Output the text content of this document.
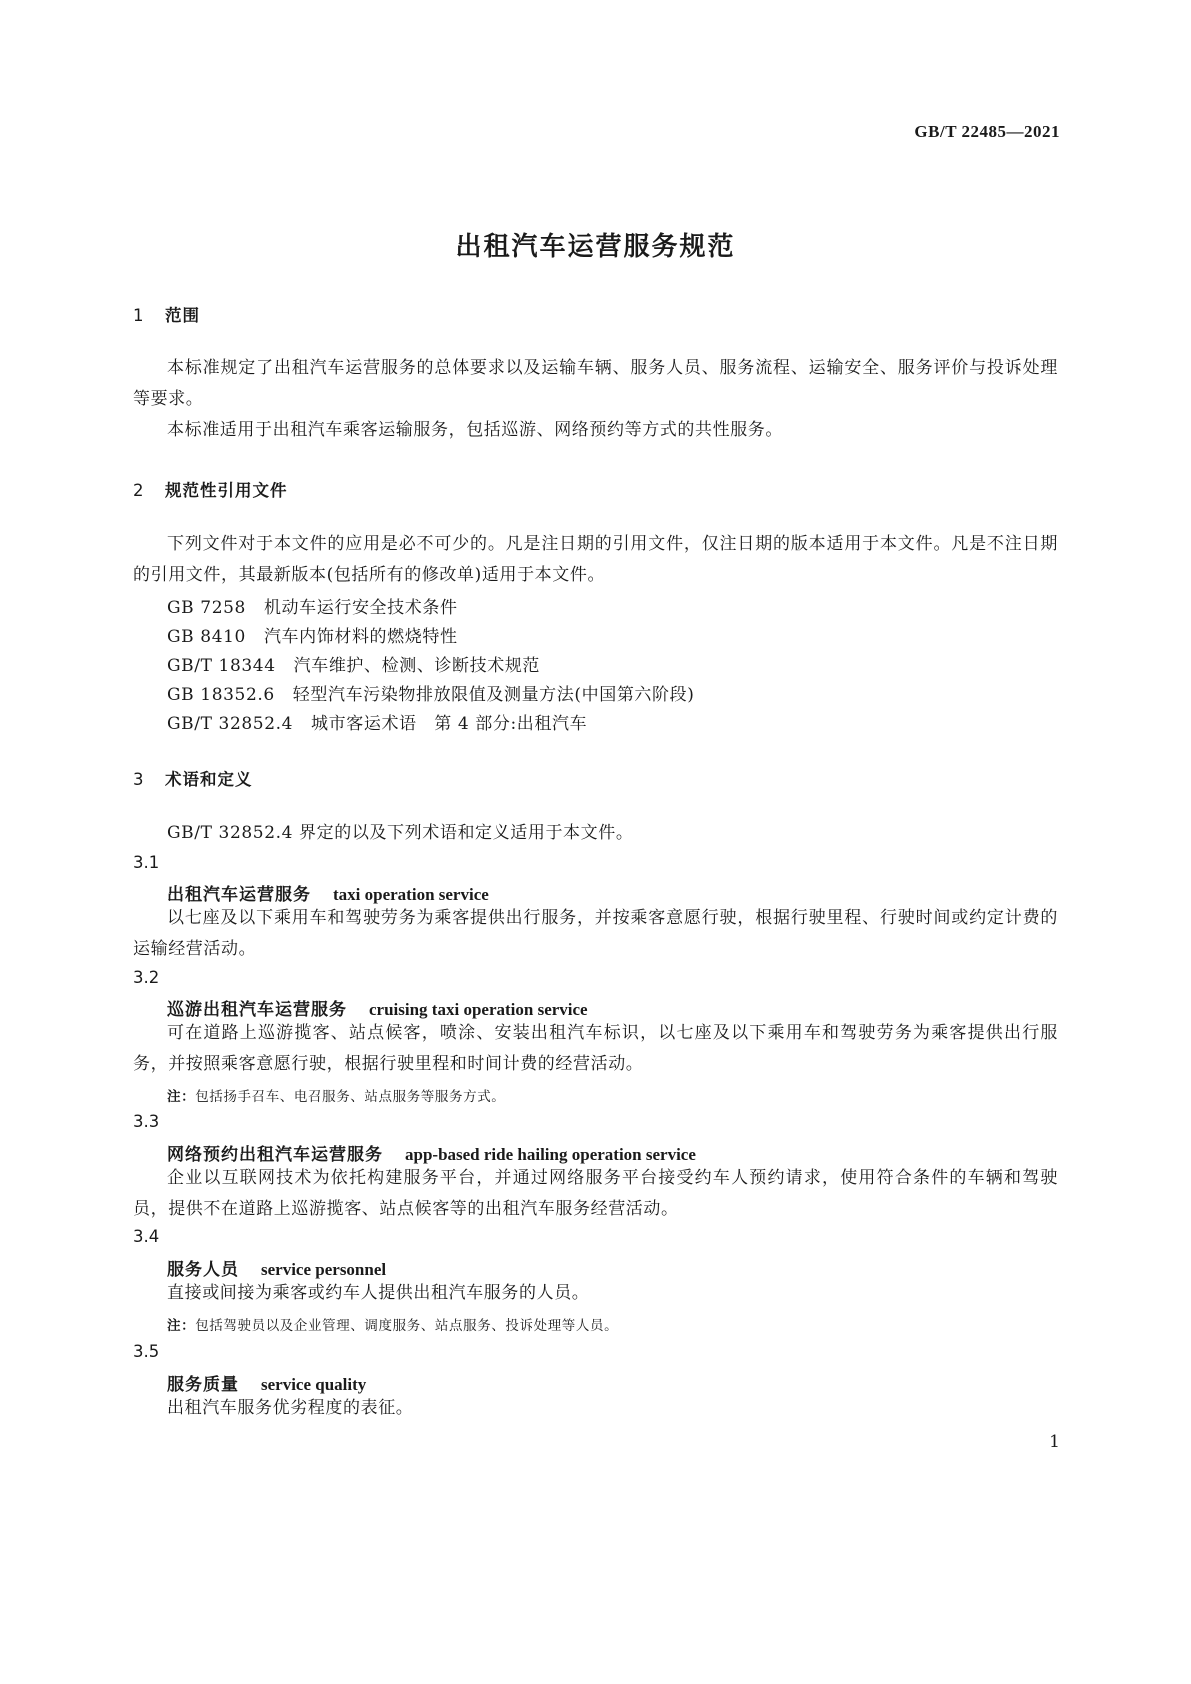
GB/T 22485—2021
出租汽车运营服务规范
1 范围
本标准规定了出租汽车运营服务的总体要求以及运输车辆、服务人员、服务流程、运输安全、服务评价与投诉处理等要求。
本标准适用于出租汽车乘客运输服务，包括巡游、网络预约等方式的共性服务。
2 规范性引用文件
下列文件对于本文件的应用是必不可少的。凡是注日期的引用文件，仅注日期的版本适用于本文件。凡是不注日期的引用文件，其最新版本(包括所有的修改单)适用于本文件。
GB 7258 机动车运行安全技术条件
GB 8410 汽车内饰材料的燃烧特性
GB/T 18344 汽车维护、检测、诊断技术规范
GB 18352.6 轻型汽车污染物排放限值及测量方法(中国第六阶段)
GB/T 32852.4 城市客运术语　第 4 部分:出租汽车
3 术语和定义
GB/T 32852.4 界定的以及下列术语和定义适用于本文件。
3.1
出租汽车运营服务 taxi operation service
以七座及以下乘用车和驾驶劳务为乘客提供出行服务，并按乘客意愿行驶，根据行驶里程、行驶时间或约定计费的运输经营活动。
3.2
巡游出租汽车运营服务 cruising taxi operation service
可在道路上巡游揽客、站点候客，喷涂、安装出租汽车标识，以七座及以下乘用车和驾驶劳务为乘客提供出行服务，并按照乘客意愿行驶，根据行驶里程和时间计费的经营活动。
注：包括扬手召车、电召服务、站点服务等服务方式。
3.3
网络预约出租汽车运营服务 app-based ride hailing operation service
企业以互联网技术为依托构建服务平台，并通过网络服务平台接受约车人预约请求，使用符合条件的车辆和驾驶员，提供不在道路上巡游揽客、站点候客等的出租汽车服务经营活动。
3.4
服务人员 service personnel
直接或间接为乘客或约车人提供出租汽车服务的人员。
注：包括驾驶员以及企业管理、调度服务、站点服务、投诉处理等人员。
3.5
服务质量 service quality
出租汽车服务优劣程度的表征。
1
